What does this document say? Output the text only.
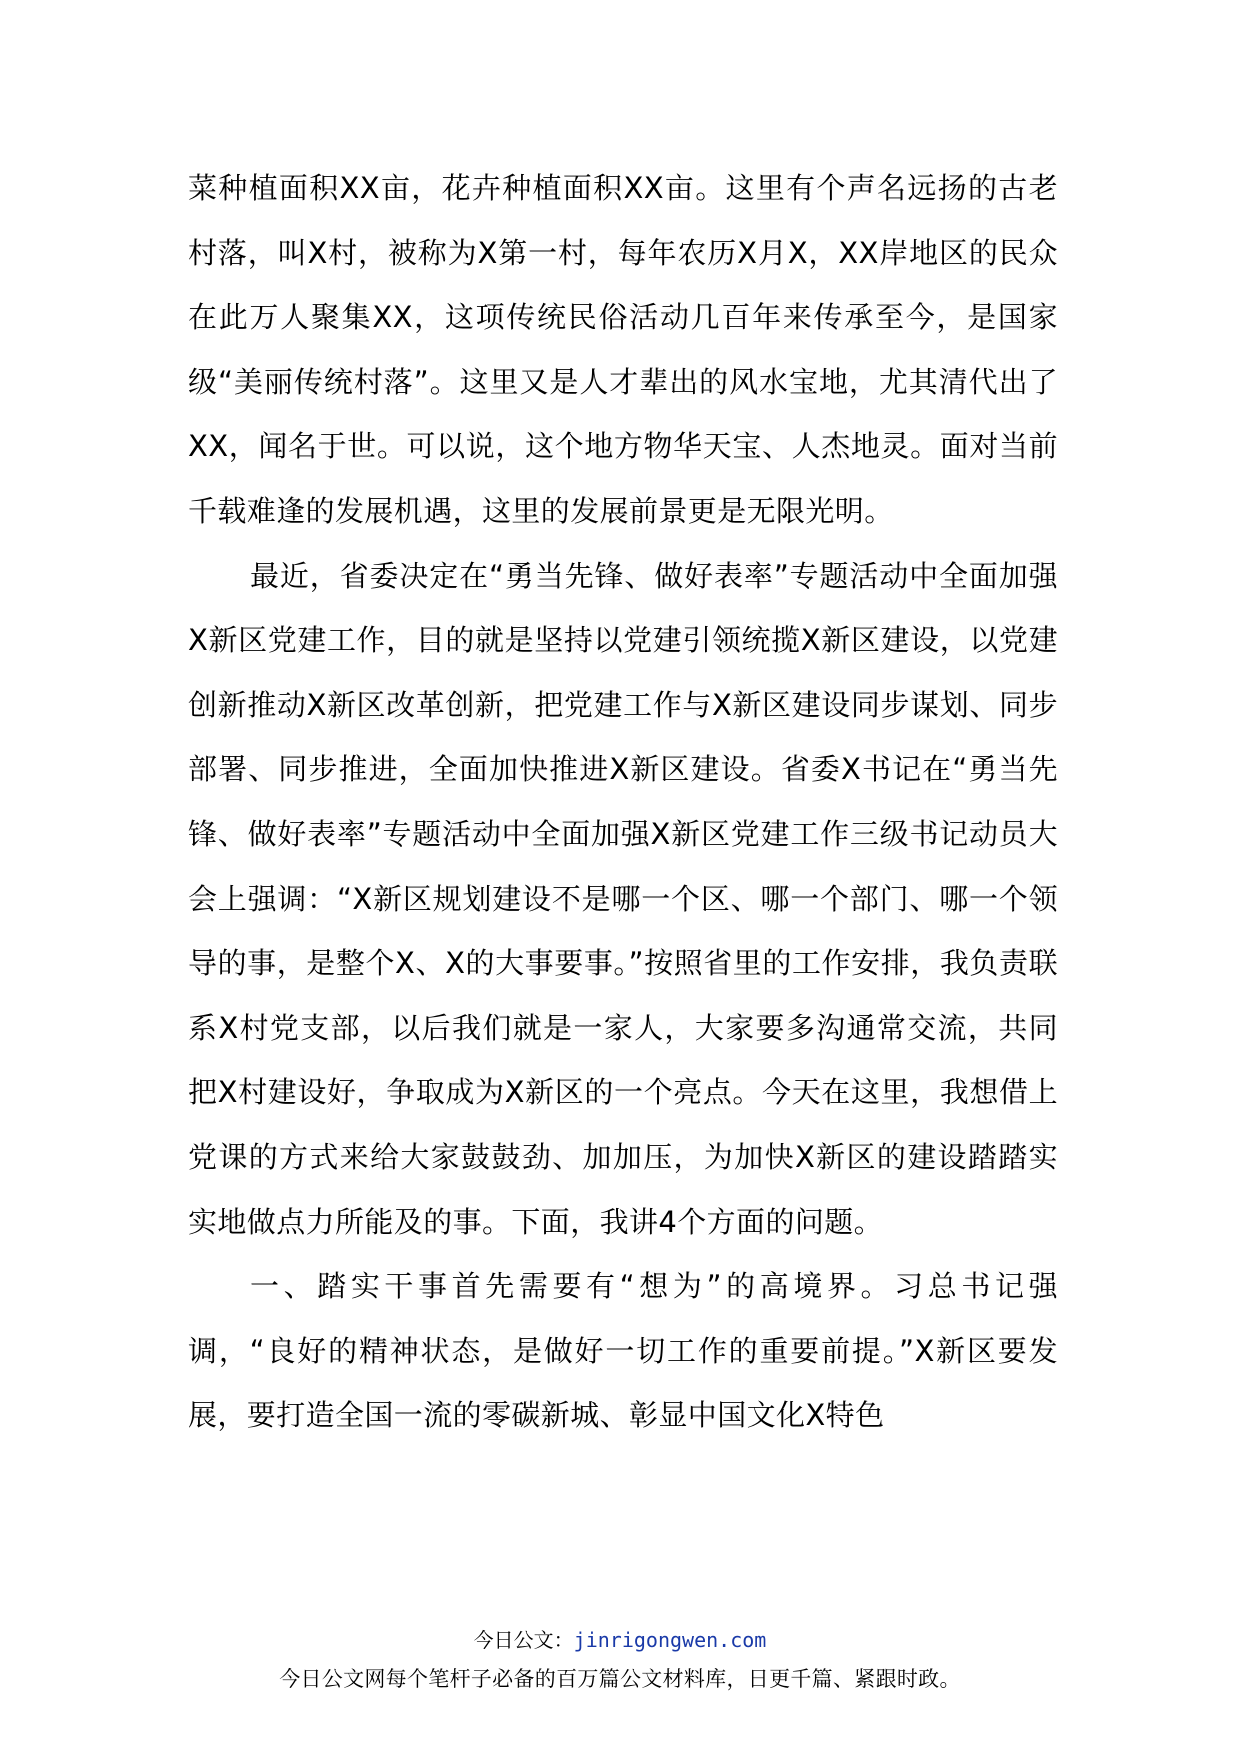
菜种植面积XX亩，花卉种植面积XX亩。这里有个声名远扬的古老村落，叫X村，被称为X第一村，每年农历X月X，XX岸地区的民众在此万人聚集XX，这项传统民俗活动几百年来传承至今，是国家级“美丽传统村落”。这里又是人才辈出的风水宝地，尤其清代出了XX，闻名于世。可以说，这个地方物华天宝、人杰地灵。面对当前千载难逢的发展机遇，这里的发展前景更是无限光明。

最近，省委决定在“勇当先锋、做好表率”专题活动中全面加强X新区党建工作，目的就是坚持以党建引领统揽X新区建设，以党建创新推动X新区改革创新，把党建工作与X新区建设同步谋划、同步部署、同步推进，全面加快推进X新区建设。省委X书记在“勇当先锋、做好表率”专题活动中全面加强X新区党建工作三级书记动员大会上强调：“X新区规划建设不是哪一个区、哪一个部门、哪一个领导的事，是整个X、X的大事要事。”按照省里的工作安排，我负责联系X村党支部，以后我们就是一家人，大家要多沟通常交流，共同把X村建设好，争取成为X新区的一个亮点。今天在这里，我想借上党课的方式来给大家鼓鼓劲、加加压，为加快X新区的建设踏踏实实地做点力所能及的事。下面，我讲4个方面的问题。

一、踏实干事首先需要有“想为”的高境界。习总书记强调，“良好的精神状态，是做好一切工作的重要前提。”X新区要发展，要打造全国一流的零碳新城、彰显中国文化X特色

今日公文：jinrigongwen.com
今日公文网每个笔杆子必备的百万篇公文材料库，日更千篇、紧跟时政。
